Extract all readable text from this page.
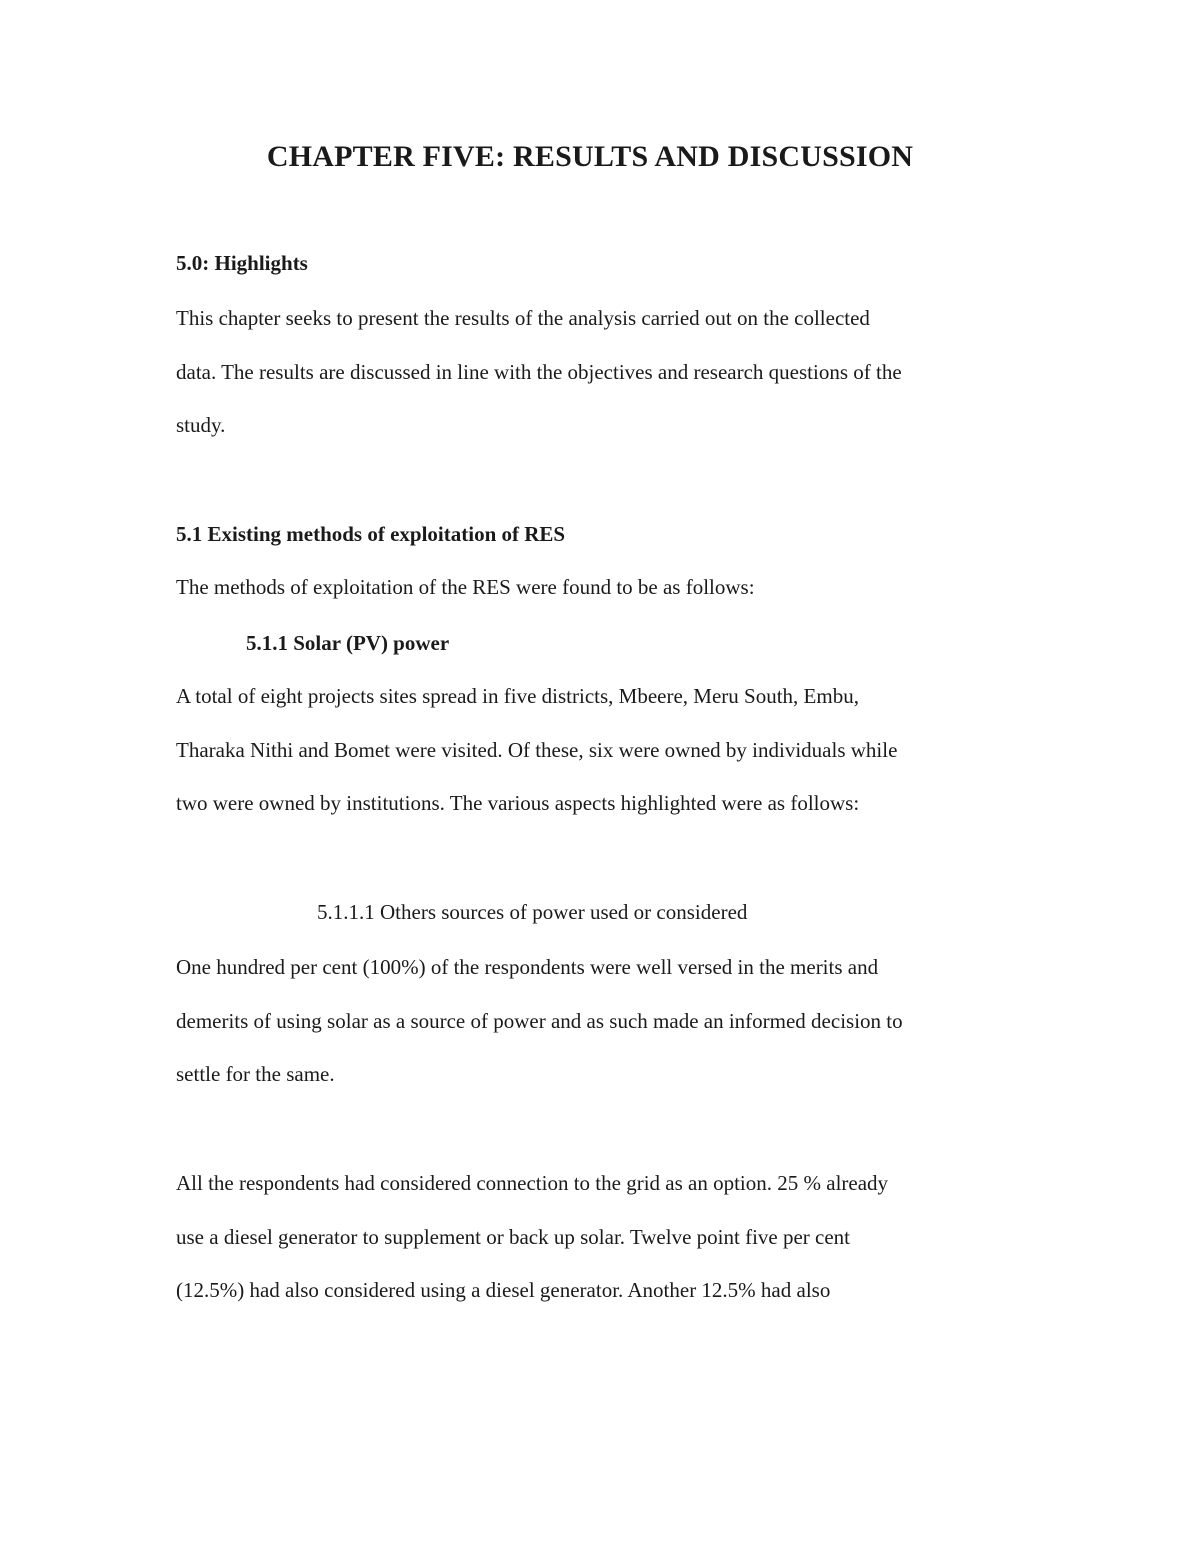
CHAPTER FIVE: RESULTS AND DISCUSSION
5.0: Highlights
This chapter seeks to present the results of the analysis carried out on the collected
data. The results are discussed in line with the objectives and research questions of the
study.
5.1 Existing methods of exploitation of RES
The methods of exploitation of the RES were found to be as follows:
5.1.1 Solar (PV) power
A total of eight projects sites spread in five districts, Mbeere, Meru South, Embu,
Tharaka Nithi and Bomet were visited. Of these, six were owned by individuals while
two were owned by institutions. The various aspects highlighted were as follows:
5.1.1.1 Others sources of power used or considered
One hundred per cent (100%) of the respondents were well versed in the merits and
demerits of using solar as a source of power and as such made an informed decision to
settle for the same.
All the respondents had considered connection to the grid as an option. 25 % already
use a diesel generator to supplement or back up solar. Twelve point five per cent
(12.5%) had also considered using a diesel generator. Another 12.5% had also
